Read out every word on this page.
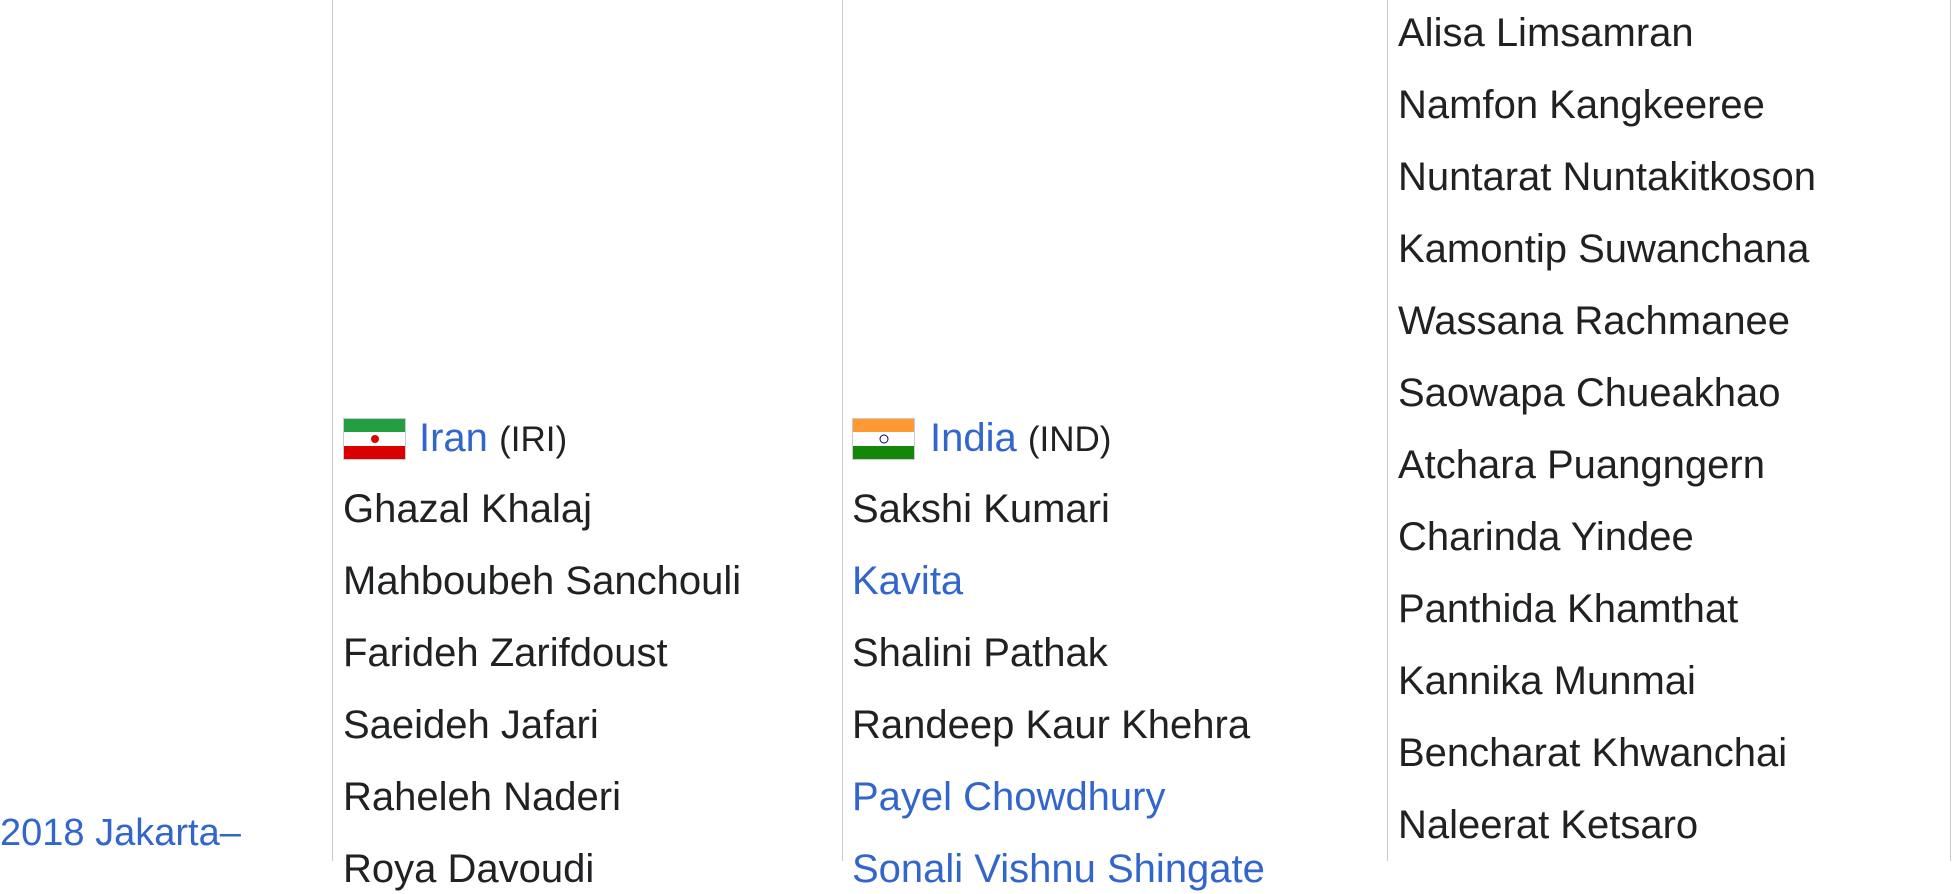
2018 Jakarta–
Iran (IRI)
Ghazal Khalaj
Mahboubeh Sanchouli
Farideh Zarifdoust
Saeideh Jafari
Raheleh Naderi
Roya Davoudi
India (IND)
Sakshi Kumari
Kavita
Shalini Pathak
Randeep Kaur Khehra
Payel Chowdhury
Sonali Vishnu Shingate
Alisa Limsamran
Namfon Kangkeeree
Nuntarat Nuntakitkoson
Kamontip Suwanchana
Wassana Rachmanee
Saowapa Chueakhao
Atchara Puangngern
Charinda Yindee
Panthida Khamthat
Kannika Munmai
Bencharat Khwanchai
Naleerat Ketsaro
